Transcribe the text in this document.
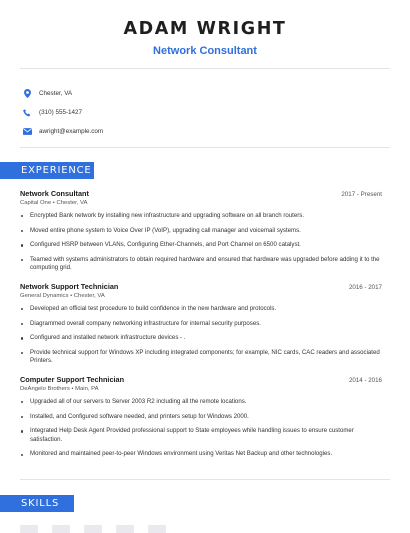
ADAM WRIGHT
Network Consultant
Chester, VA
(310) 555-1427
awright@example.com
EXPERIENCE
Network Consultant	2017 - Present
Capital One • Chester, VA
Encrypted Bank network by installing new infrastructure and upgrading software on all branch routers.
Moved entire phone system to Voice Over IP (VoIP), upgrading call manager and voicemail systems.
Configured HSRP between VLANs, Configuring Ether-Channels, and Port Channel on 6500 catalyst.
Teamed with systems administrators to obtain required hardware and ensured that hardware was upgraded before adding it to the computing grid.
Network Support Technician	2016 - 2017
General Dynamics • Chester, VA
Developed an official test procedure to build confidence in the new hardware and protocols.
Diagrammed overall company networking infrastructure for internal security purposes.
Configured and installed network infrastructure devices - .
Provide technical support for Windows XP including integrated components; for example, NIC cards, CAC readers and associated Printers.
Computer Support Technician	2014 - 2016
DeAngelo Brothers • Main, PA
Upgraded all of our servers to Server 2003 R2 including all the remote locations.
Installed, and Configured software needed, and printers setup for Windows 2000.
Integrated Help Desk Agent Provided professional support to State employees while handling issues to ensure customer satisfaction.
Monitored and maintained peer-to-peer Windows environment using Veritas Net Backup and other technologies.
SKILLS
